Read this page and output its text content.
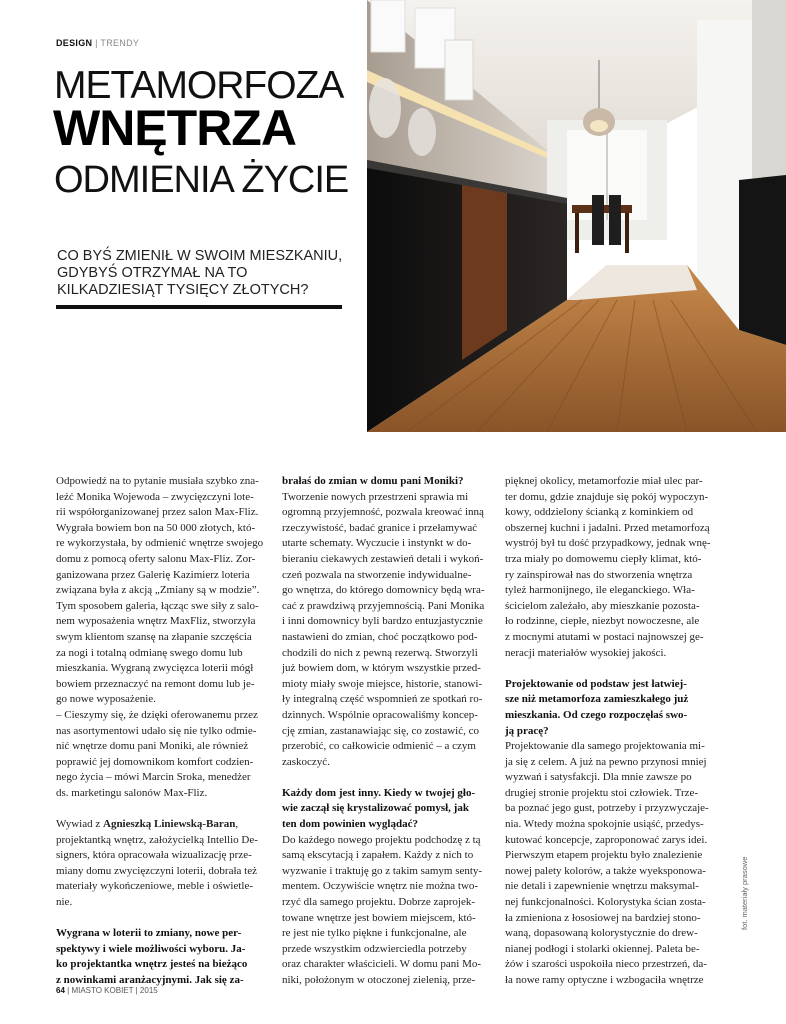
DESIGN | TRENDY
METAMORFOZA
WNĘTRZA
ODMIENIA ŻYCIE
CO BYŚ ZMIENIŁ W SWOIM MIESZKANIU, GDYBYŚ OTRZYMAŁ NA TO KILKADZIESIĄT TYSIĘCY ZŁOTYCH?

Odpowiedź na to pytanie musiała szybko zna-

leźć Monika Wojewoda – zwycięzczyni lote-

rii współorganizowanej przez salon Max-Fliz.

Wygrała bowiem bon na 50 000 złotych, któ-

re wykorzystała, by odmienić wnętrze swojego

domu z pomocą oferty salonu Max-Fliz. Zor-

ganizowana przez Galerię Kazimierz loteria

związana była z akcją „Zmiany są w modzie”.

Tym sposobem galeria, łącząc swe siły z salo-

nem wyposażenia wnętrz MaxFliz, stworzyła

swym klientom szansę na złapanie szczęścia

za nogi i totalną odmianę swego domu lub

mieszkania. Wygraną zwycięzca loterii mógł

bowiem przeznaczyć na remont domu lub je-

go nowe wyposażenie.

– Cieszymy się, że dzięki oferowanemu przez

nas asortymentowi udało się nie tylko odmie-

nić wnętrze domu pani Moniki, ale również

poprawić jej domownikom komfort codzien-

nego życia – mówi Marcin Sroka, menedżer

ds. marketingu salonów Max-Fliz.

Wywiad z Agnieszką Liniewską-Baran,

projektantką wnętrz, założycielką Intellio De-

signers, która opracowała wizualizację prze-

miany domu zwycięzczyni loterii, dobrała też

materiały wykończeniowe, meble i oświetle-

nie.

Wygrana w loterii to zmiany, nowe per-

spektywy i wiele możliwości wyboru. Ja-

ko projektantka wnętrz jesteś na bieżąco

z nowinkami aranżacyjnymi. Jak się za-

brałaś do zmian w domu pani Moniki?

Tworzenie nowych przestrzeni sprawia mi

ogromną przyjemność, pozwala kreować inną

rzeczywistość, badać granice i przełamywać

utarte schematy. Wyczucie i instynkt w do-

bieraniu ciekawych zestawień detali i wykoń-

czeń pozwala na stworzenie indywidualne-

go wnętrza, do którego domownicy będą wra-

cać z prawdziwą przyjemnością. Pani Monika

i inni domownicy byli bardzo entuzjastycznie

nastawieni do zmian, choć początkowo pod-

chodzili do nich z pewną rezerwą. Stworzyli

już bowiem dom, w którym wszystkie przed-

mioty miały swoje miejsce, historie, stanowi-

ły integralną część wspomnień ze spotkań ro-

dzinnych. Wspólnie opracowaliśmy koncep-

cję zmian, zastanawiając się, co zostawić, co

przerobić, co całkowicie odmienić – a czym

zaskoczyć.

Każdy dom jest inny. Kiedy w twojej gło-

wie zaczął się krystalizować pomysł, jak

ten dom powinien wyglądać?

Do każdego nowego projektu podchodzę z tą

samą ekscytacją i zapałem. Każdy z nich to

wyzwanie i traktuję go z takim samym senty-

mentem. Oczywiście wnętrz nie można two-

rzyć dla samego projektu. Dobrze zaprojek-

towane wnętrze jest bowiem miejscem, któ-

re jest nie tylko piękne i funkcjonalne, ale

przede wszystkim odzwierciedla potrzeby

oraz charakter właścicieli. W domu pani Mo-

niki, położonym w otoczonej zielenią, prze-

pięknej okolicy, metamorfozie miał ulec par-

ter domu, gdzie znajduje się pokój wypoczyn-

kowy, oddzielony ścianką z kominkiem od

obszernej kuchni i jadalni. Przed metamorfozą

wystrój był tu dość przypadkowy, jednak wnę-

trza miały po domowemu ciepły klimat, któ-

ry zainspirował nas do stworzenia wnętrza

tyleż harmonijnego, ile eleganckiego. Wła-

ścicielom zależało, aby mieszkanie pozosta-

ło rodzinne, ciepłe, niezbyt nowoczesne, ale

z mocnymi atutami w postaci najnowszej ge-

neracji materiałów wysokiej jakości.

Projektowanie od podstaw jest łatwiej-

sze niż metamorfoza zamieszkałego już

mieszkania. Od czego rozpoczęłaś swo-

ją pracę?

Projektowanie dla samego projektowania mi-

ja się z celem. A już na pewno przynosi mniej

wyzwań i satysfakcji. Dla mnie zawsze po

drugiej stronie projektu stoi człowiek. Trze-

ba poznać jego gust, potrzeby i przyzwyczaje-

nia. Wtedy można spokojnie usiąść, przedys-

kutować koncepcje, zaproponować zarys idei.

Pierwszym etapem projektu było znalezienie

nowej palety kolorów, a także wyeksponowa-

nie detali i zapewnienie wnętrzu maksymal-

nej funkcjonalności. Kolorystyka ścian zosta-

ła zmieniona z łososiowej na bardziej stono-

waną, dopasowaną kolorystycznie do drew-

nianej podłogi i stolarki okiennej. Paleta be-

żów i szarości uspokoiła nieco przestrzeń, da-

ła nowe ramy optyczne i wzbogaciła wnętrze

fot. materiały prasowe
64 | MIASTO KOBIET | 2015
